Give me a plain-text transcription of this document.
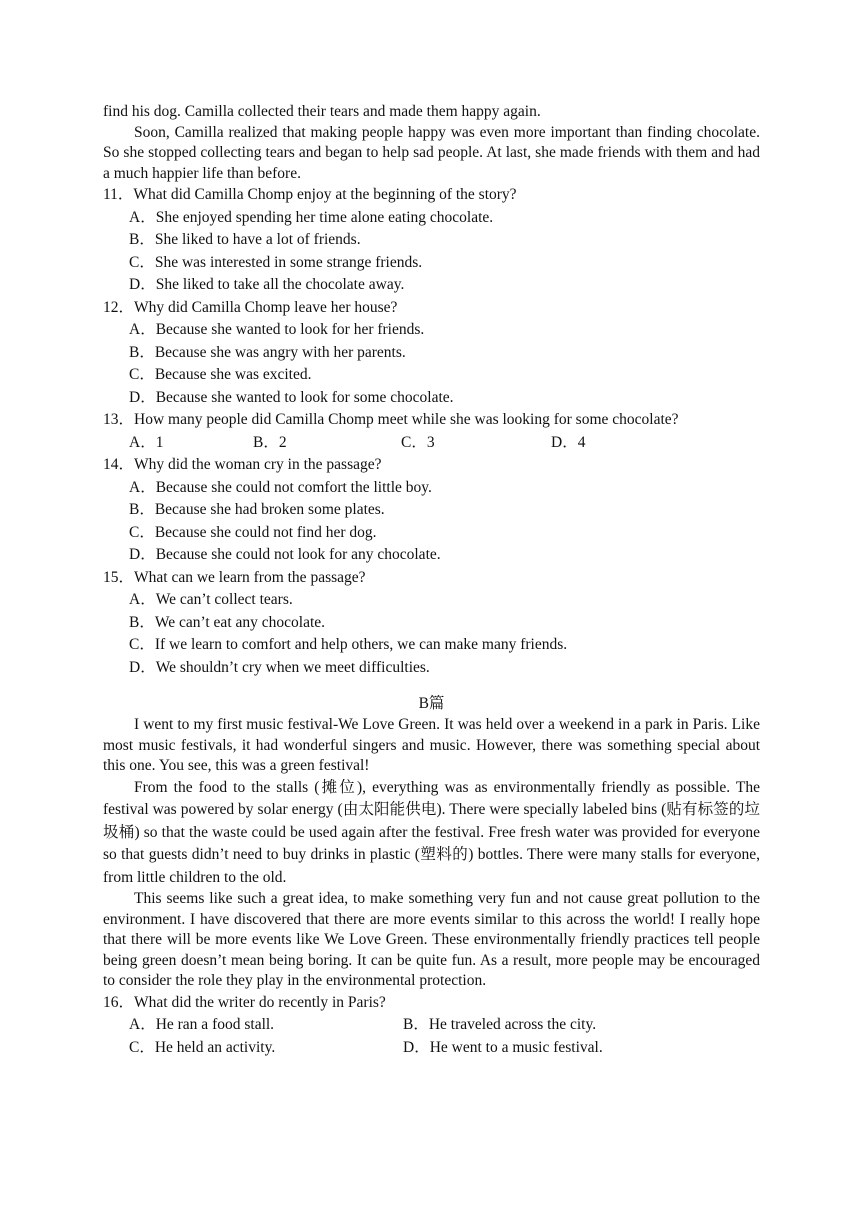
find his dog. Camilla collected their tears and made them happy again.

Soon, Camilla realized that making people happy was even more important than finding chocolate. So she stopped collecting tears and began to help sad people. At last, she made friends with them and had a much happier life than before.

11．What did Camilla Chomp enjoy at the beginning of the story?

A．She enjoyed spending her time alone eating chocolate.

B．She liked to have a lot of friends.

C．She was interested in some strange friends.

D．She liked to take all the chocolate away.

12．Why did Camilla Chomp leave her house?

A．Because she wanted to look for her friends.

B．Because she was angry with her parents.

C．Because she was excited.

D．Because she wanted to look for some chocolate.

13．How many people did Camilla Chomp meet while she was looking for some chocolate?

A．1	B．2	C．3	D．4

14．Why did the woman cry in the passage?

A．Because she could not comfort the little boy.

B．Because she had broken some plates.

C．Because she could not find her dog.

D．Because she could not look for any chocolate.

15．What can we learn from the passage?

A．We can’t collect tears.

B．We can’t eat any chocolate.

C．If we learn to comfort and help others, we can make many friends.

D．We shouldn’t cry when we meet difficulties.

B篇

I went to my first music festival-We Love Green. It was held over a weekend in a park in Paris. Like most music festivals, it had wonderful singers and music. However, there was something special about this one. You see, this was a green festival!

From the food to the stalls (摊位), everything was as environmentally friendly as possible. The festival was powered by solar energy (由太阳能供电). There were specially labeled bins (贴有标签的垃圾桶) so that the waste could be used again after the festival. Free fresh water was provided for everyone so that guests didn’t need to buy drinks in plastic (塑料的) bottles. There were many stalls for everyone, from little children to the old.

This seems like such a great idea, to make something very fun and not cause great pollution to the environment. I have discovered that there are more events similar to this across the world! I really hope that there will be more events like We Love Green. These environmentally friendly practices tell people being green doesn’t mean being boring. It can be quite fun. As a result, more people may be encouraged to consider the role they play in the environmental protection.

16．What did the writer do recently in Paris?

A．He ran a food stall.	B．He traveled across the city.
C．He held an activity.	D．He went to a music festival.
